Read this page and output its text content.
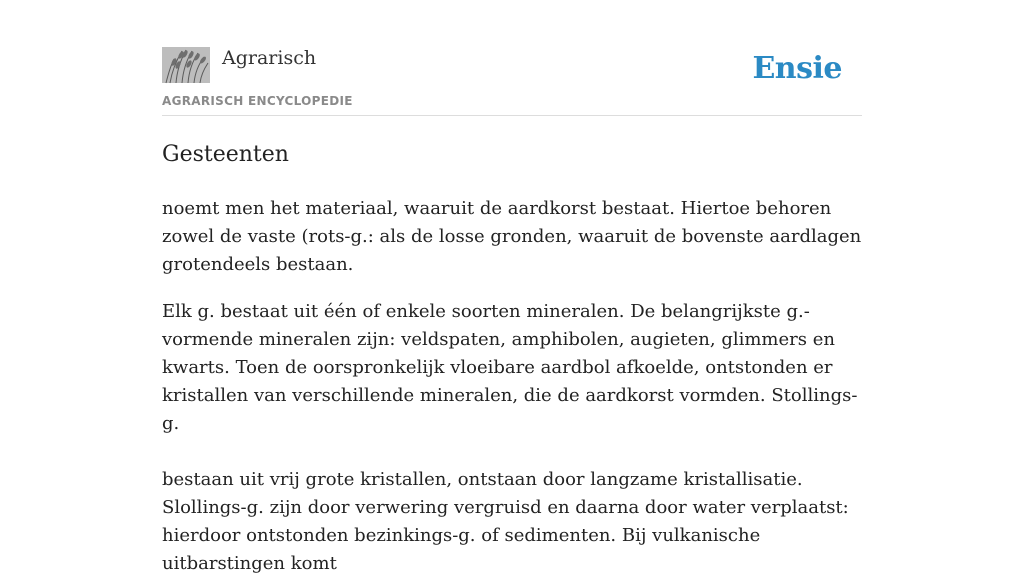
Agrarisch
AGRARISCH ENCYCLOPEDIE
Ensie
Gesteenten

noemt men het materiaal, waaruit de aardkorst bestaat. Hiertoe behoren zowel de vaste (rots-g.: als de losse gronden, waaruit de bovenste aardlagen grotendeels bestaan.

Elk g. bestaat uit één of enkele soorten mineralen. De belangrijkste g.-vormende mineralen zijn: veldspaten, amphibolen, augieten, glimmers en kwarts. Toen de oorspronkelijk vloeibare aardbol afkoelde, ontstonden er kristallen van verschillende mineralen, die de aardkorst vormden. Stollings-g.

bestaan uit vrij grote kristallen, ontstaan door langzame kristallisatie. Slollings-g. zijn door verwering vergruisd en daarna door water verplaatst: hierdoor ontstonden bezinkings-g. of sedimenten. Bij vulkanische uitbarstingen komt
